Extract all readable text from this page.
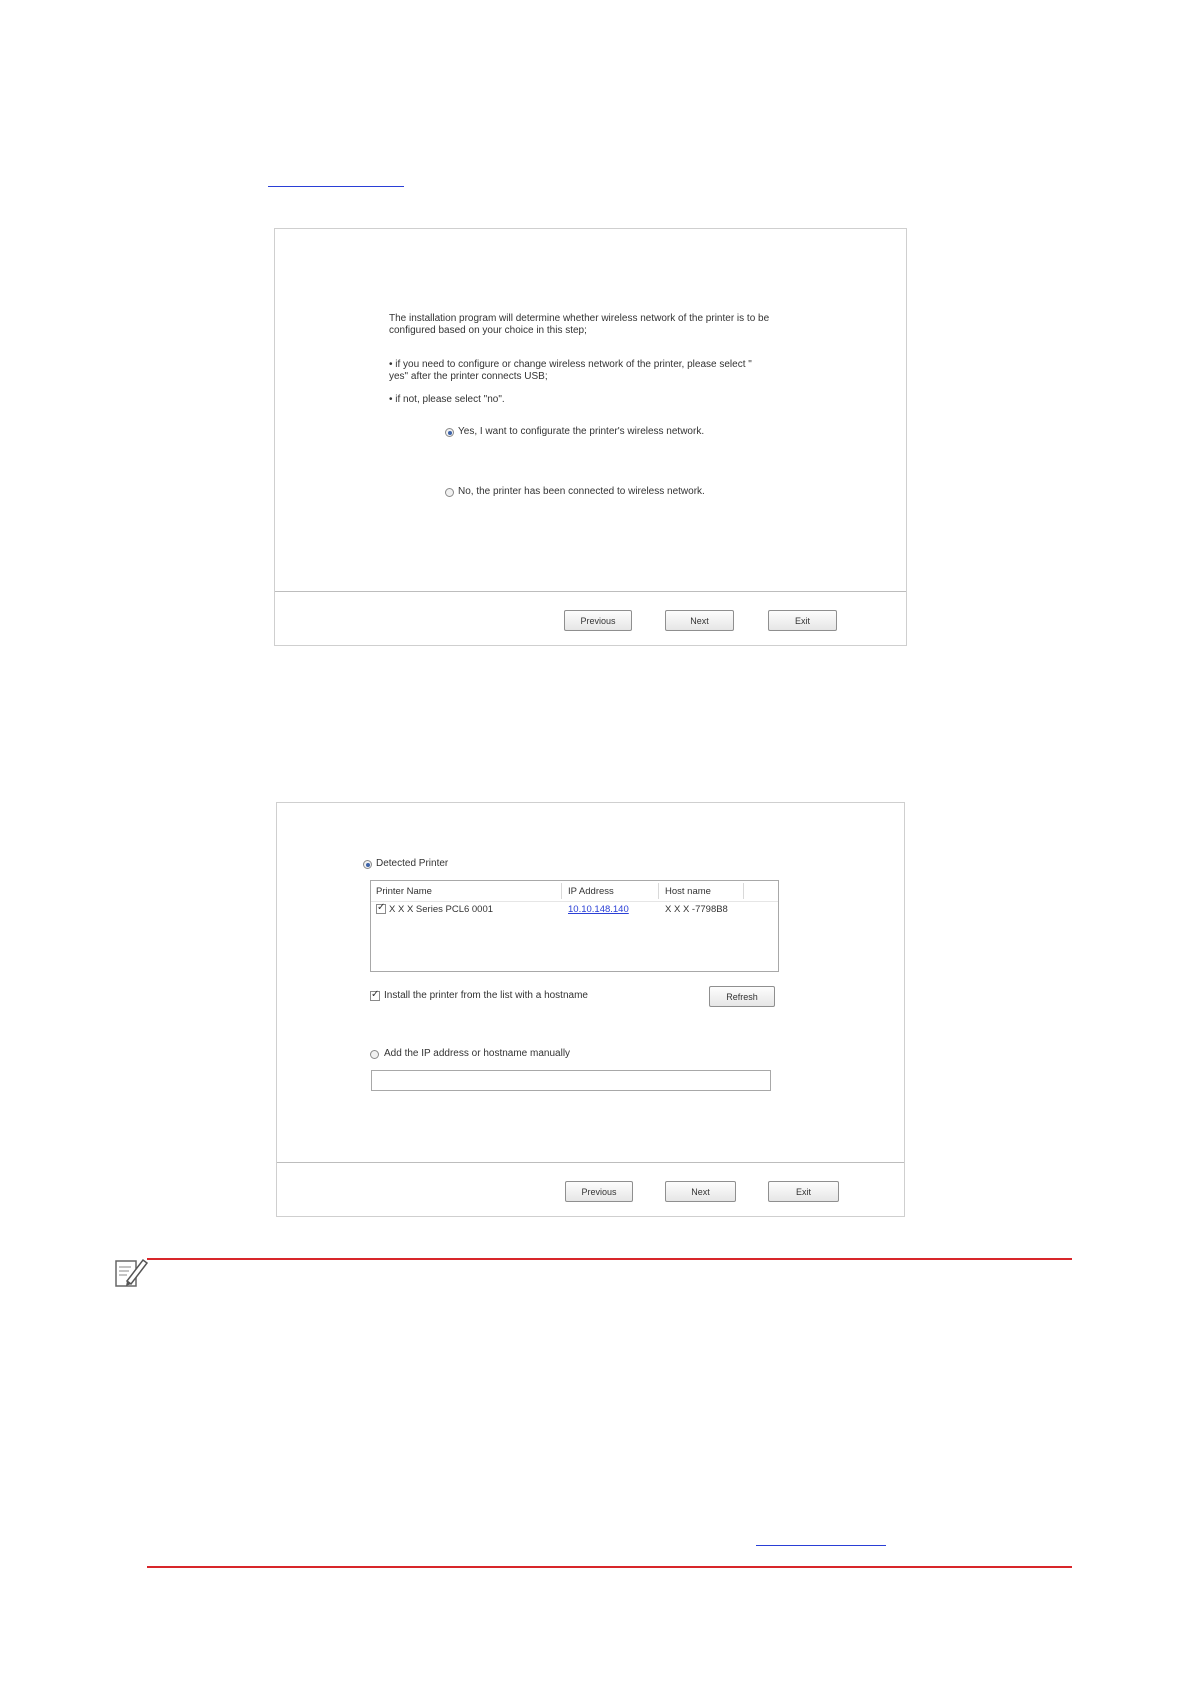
The installation program will determine whether wireless network of the printer is to be
configured based on your choice in this step;
• if you need to configure or change wireless network of the printer, please select "
yes" after the printer connects USB;
• if not, please select "no".
Yes, I want to configurate the printer's wireless network.
No, the printer has been connected to wireless network.
Previous	Next	Exit
Detected Printer
Printer Name	IP Address	Host name
✓
X X X Series PCL6 0001	10.10.148.140	X X X -7798B8
✓
Install the printer from the list with a hostname	Refresh
Add the IP address or hostname manually
Previous	Next	Exit
